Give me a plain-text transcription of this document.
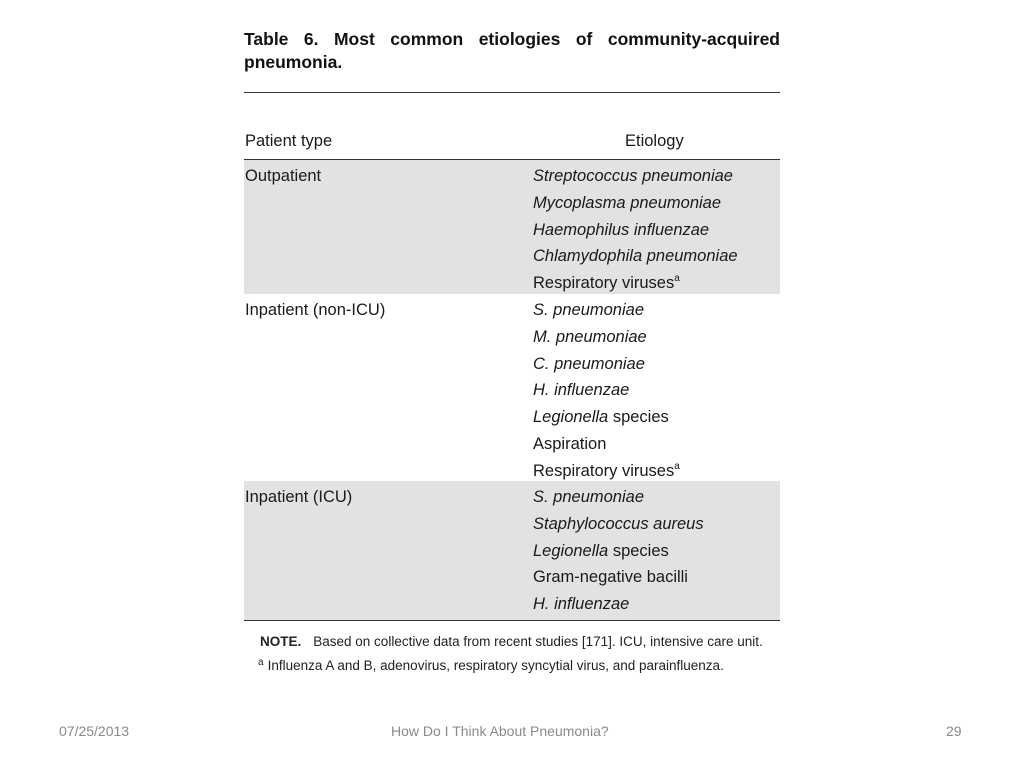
Table 6. Most common etiologies of community-acquired pneumonia.

Patient type	Etiology
Outpatient	Streptococcus pneumoniae
Mycoplasma pneumoniae
Haemophilus influenzae
Chlamydophila pneumoniae
Respiratory viruses$^a$
Inpatient (non-ICU)	S. pneumoniae
M. pneumoniae
C. pneumoniae
H. influenzae
Legionella species
Aspiration
Respiratory viruses$^a$
Inpatient (ICU)	S. pneumoniae
Staphylococcus aureus
Legionella species
Gram-negative bacilli
H. influenzae

NOTE. Based on collective data from recent studies [171]. ICU, intensive care unit.

$^a$ Influenza A and B, adenovirus, respiratory syncytial virus, and parainfluenza.

07/25/2013	How Do I Think About Pneumonia?	29
